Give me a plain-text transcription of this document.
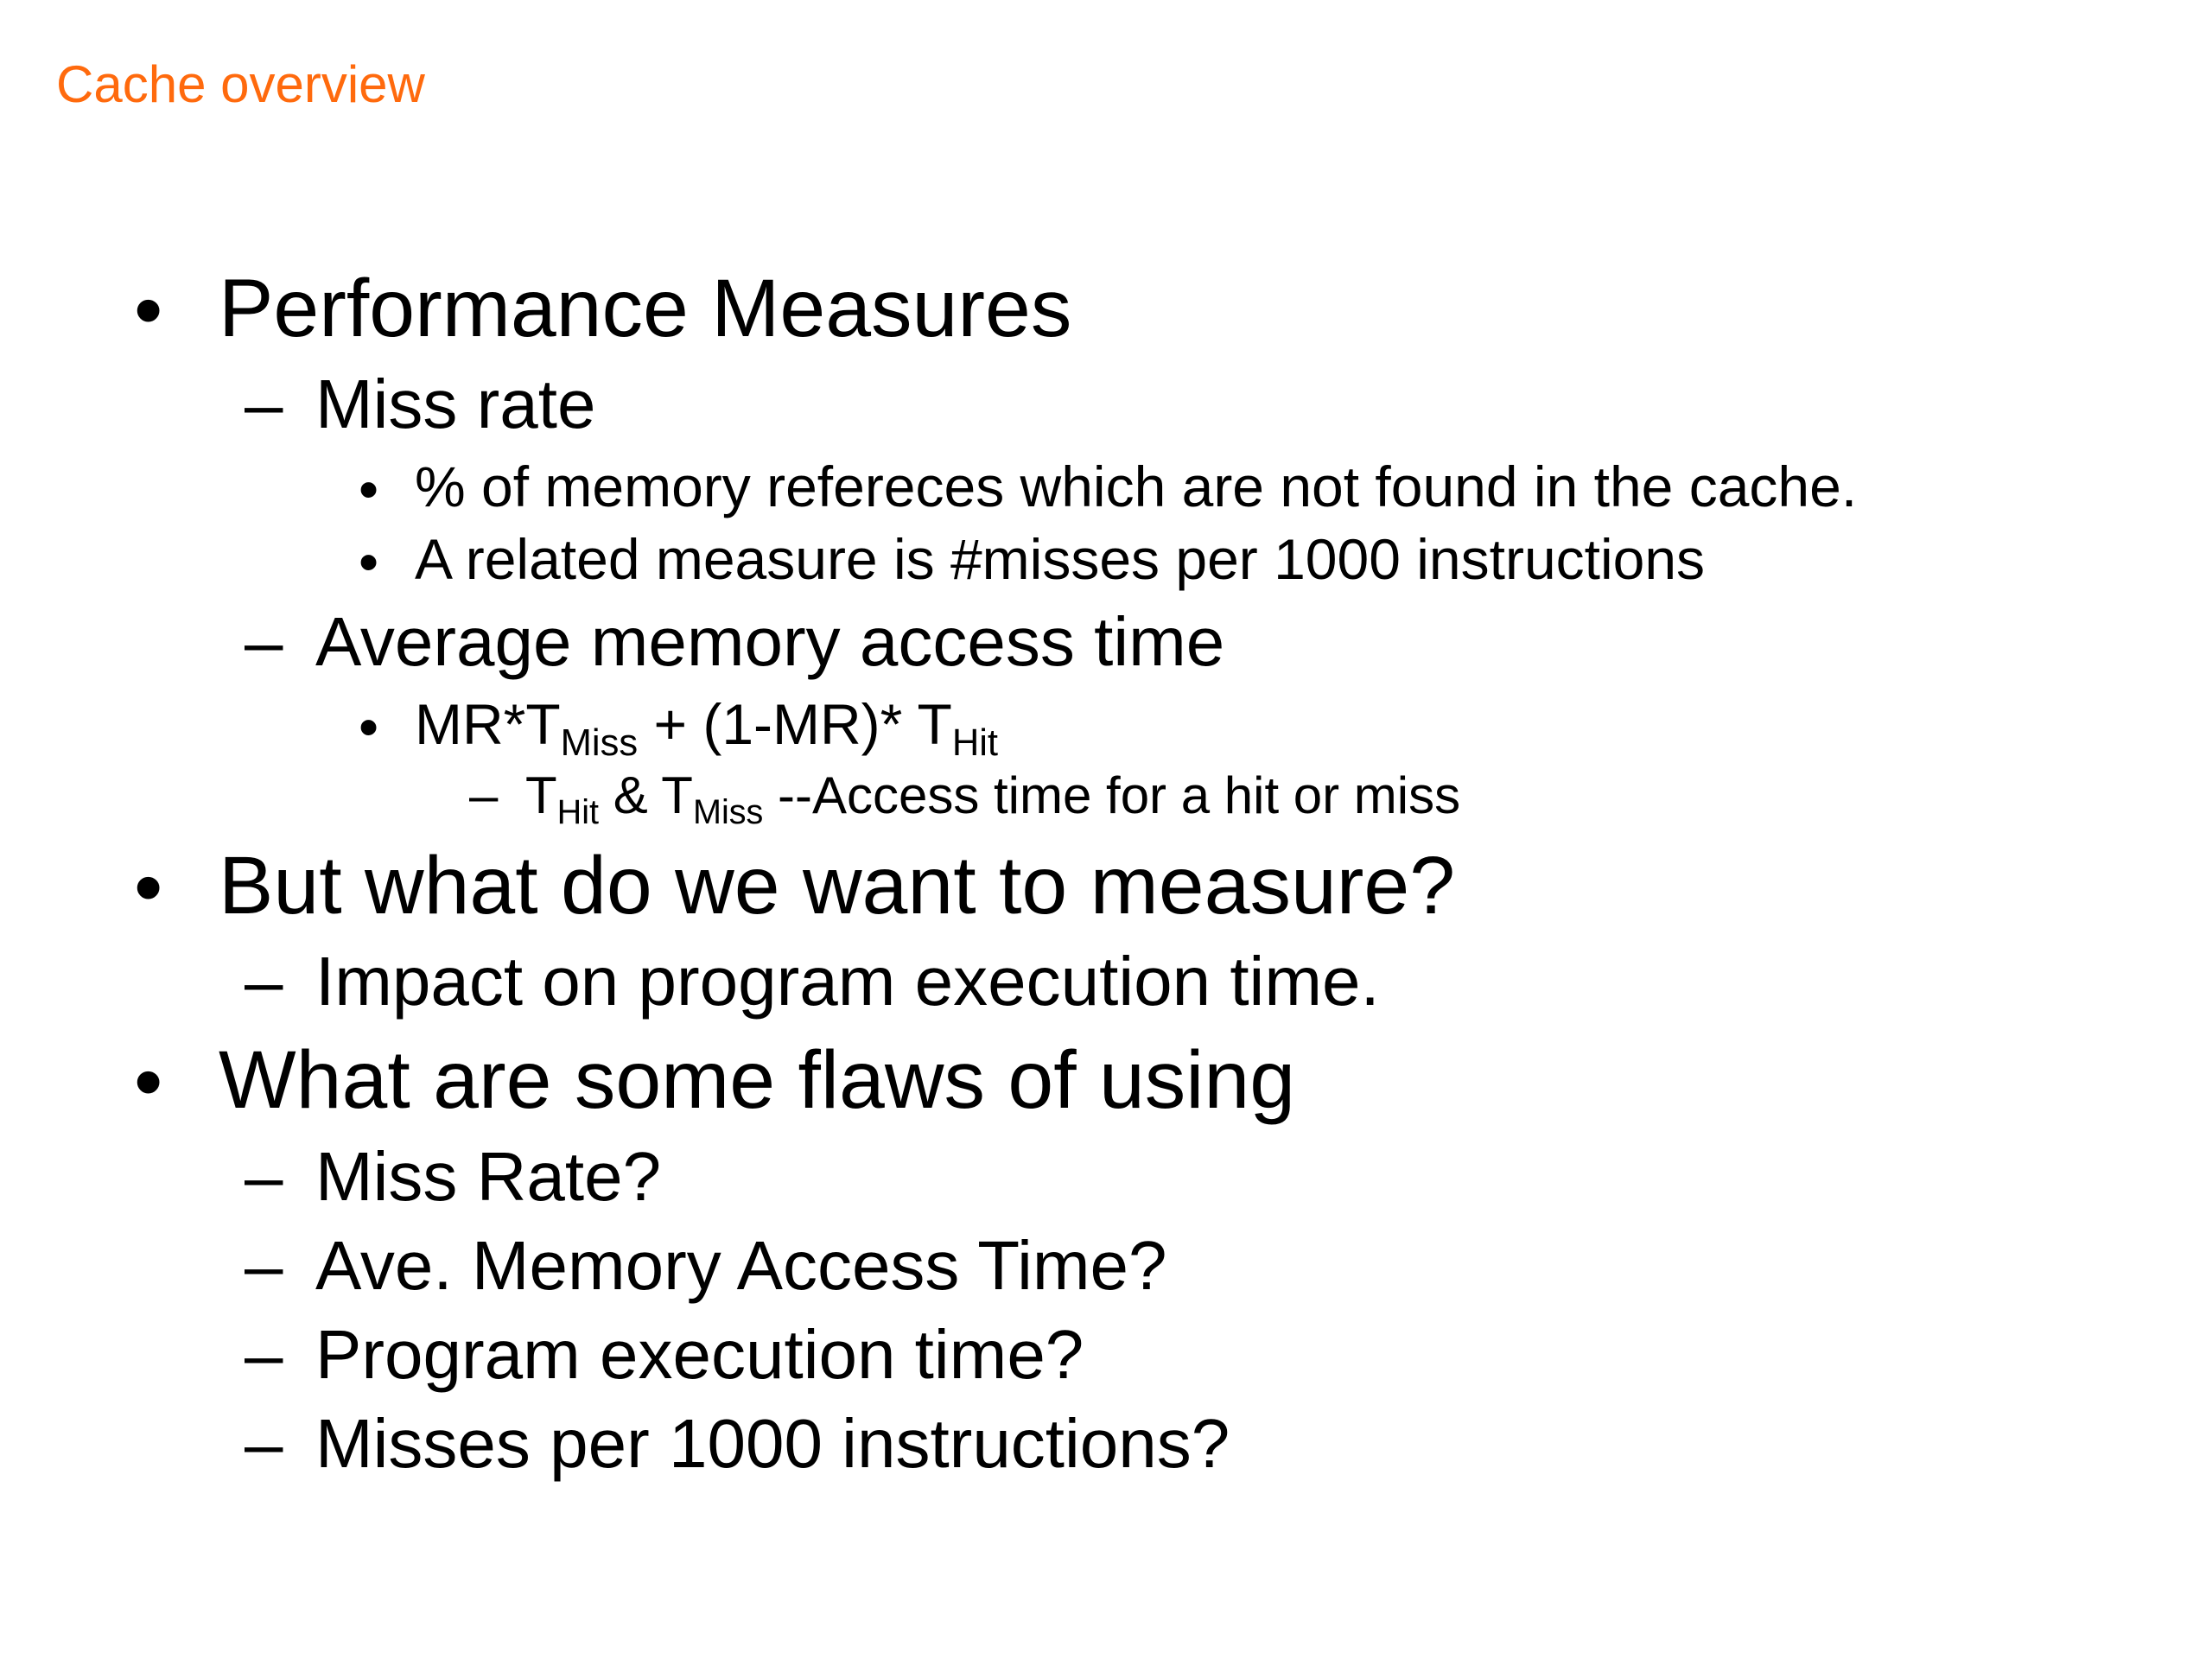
Cache overview
• Performance Measures
– Miss rate
• % of memory refereces which are not found in the cache.
• A related measure is #misses per 1000 instructions
– Average memory access time
• $MR*T_{Miss} + (1-MR)*$ $T_{Hit}$
– $T_{Hit}$ & $T_{Miss}$ --Access time for a hit or miss
• But what do we want to measure?
– Impact on program execution time.
• What are some flaws of using
– Miss Rate?
– Ave. Memory Access Time?
– Program execution time?
– Misses per 1000 instructions?
